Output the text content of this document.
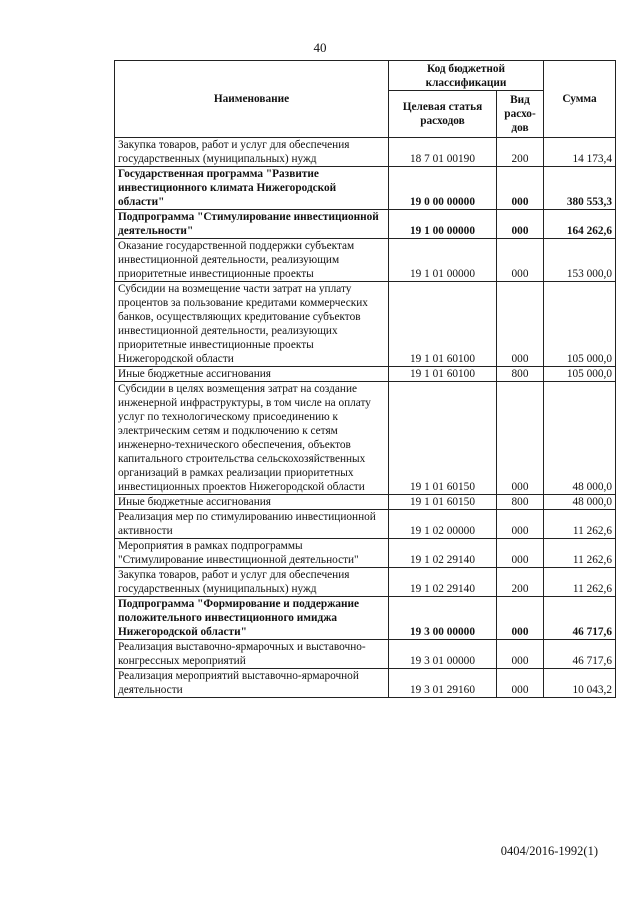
40
Наименование	Код бюджетной классификации		Сумма
	Целевая статья расходов	Вид расхо-дов	
Закупка товаров, работ и услуг для обеспечения государственных (муниципальных) нужд	18 7 01 00190	200	14 173,4
Государственная программа "Развитие инвестиционного климата Нижегородской области"	19 0 00 00000	000	380 553,3
Подпрограмма "Стимулирование инвестиционной деятельности"	19 1 00 00000	000	164 262,6
Оказание государственной поддержки субъектам инвестиционной деятельности, реализующим приоритетные инвестиционные проекты	19 1 01 00000	000	153 000,0
Субсидии на возмещение части затрат на уплату процентов за пользование кредитами коммерческих банков, осуществляющих кредитование субъектов инвестиционной деятельности, реализующих приоритетные инвестиционные проекты Нижегородской области	19 1 01 60100	000	105 000,0
Иные бюджетные ассигнования	19 1 01 60100	800	105 000,0
Субсидии в целях возмещения затрат на создание инженерной инфраструктуры, в том числе на оплату услуг по технологическому присоединению к электрическим сетям и подключению к сетям инженерно-технического обеспечения, объектов капитального строительства сельскохозяйственных организаций в рамках реализации приоритетных инвестиционных проектов Нижегородской области	19 1 01 60150	000	48 000,0
Иные бюджетные ассигнования	19 1 01 60150	800	48 000,0
Реализация мер по стимулированию инвестиционной активности	19 1 02 00000	000	11 262,6
Мероприятия в рамках подпрограммы "Стимулирование инвестиционной деятельности"	19 1 02 29140	000	11 262,6
Закупка товаров, работ и услуг для обеспечения государственных (муниципальных) нужд	19 1 02 29140	200	11 262,6
Подпрограмма "Формирование и поддержание положительного инвестиционного имиджа Нижегородской области"	19 3 00 00000	000	46 717,6
Реализация выставочно-ярмарочных и выставочно-конгрессных мероприятий	19 3 01 00000	000	46 717,6
Реализация мероприятий выставочно-ярмарочной деятельности	19 3 01 29160	000	10 043,2
0404/2016-1992(1)
